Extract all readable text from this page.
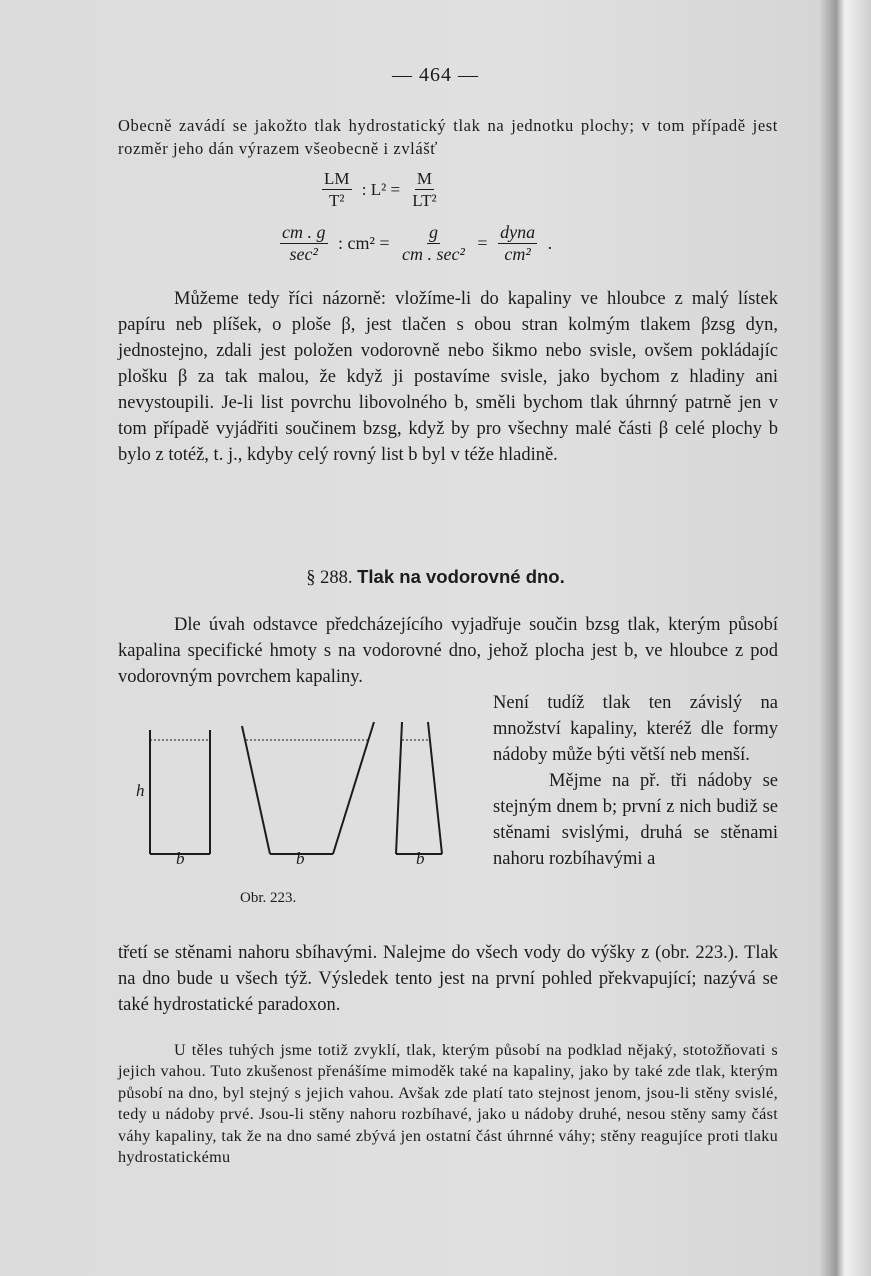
— 464 —

Obecně zavádí se jakožto tlak hydrostatický tlak na jednotku plochy; v tom případě jest rozměr jeho dán výrazem všeobecně i zvlášť

$\frac{LM}{\text{T²}}$ : $L^2 = \frac{M}{\text{LT²}}$
$\frac{cm . g}{\text{sec²}}$ : $cm^2 = \frac{g}{\text{cm . sec²}} = \frac{\text{dyna}}{\text{cm²}}$ .

Můžeme tedy říci názorně: vložíme-li do kapaliny ve hloubce z malý lístek papíru neb plíšek, o ploše β, jest tlačen s obou stran kolmým tlakem βzsg dyn, jednostejno, zdali jest položen vodorovně nebo šikmo nebo svisle, ovšem pokládajíc plošku β za tak malou, že když ji postavíme svisle, jako bychom z hladiny ani nevystoupili. Je-li list povrchu libovolného b, směli bychom tlak úhrnný patrně jen v tom případě vyjádřiti součinem bzsg, když by pro všechny malé části β celé plochy b bylo z totéž, t. j., kdyby celý rovný list b byl v téže hladině.

§ 288. Tlak na vodorovné dno.

Dle úvah odstavce předcházejícího vyjadřuje součin bzsg tlak, kterým působí kapalina specifické hmoty s na vodorovné dno, jehož plocha jest b, ve hloubce z pod vodorovným povrchem kapaliny.

Není tudíž tlak ten závislý na množství kapaliny, kteréž dle formy nádoby může býti větší neb menší.

Mějme na př. tři nádoby se stejným dnem b; první z nich budiž se stěnami svislými, druhá se stěnami nahoru rozbíhavými a

třetí se stěnami nahoru sbíhavými. Nalejme do všech vody do výšky z (obr. 223.). Tlak na dno bude u všech týž. Výsledek tento jest na první pohled překvapující; nazývá se také hydrostatické paradoxon.

h
b	b	b
Obr. 223.

U těles tuhých jsme totiž zvyklí, tlak, kterým působí na podklad nějaký, stotožňovati s jejich vahou. Tuto zkušenost přenášíme mimoděk také na kapaliny, jako by také zde tlak, kterým působí na dno, byl stejný s jejich vahou. Avšak zde platí tato stejnost jenom, jsou-li stěny svislé, tedy u nádoby prvé. Jsou-li stěny nahoru rozbíhavé, jako u nádoby druhé, nesou stěny samy část váhy kapaliny, tak že na dno samé zbývá jen ostatní část úhrnné váhy; stěny reagujíce proti tlaku hydrostatickému
